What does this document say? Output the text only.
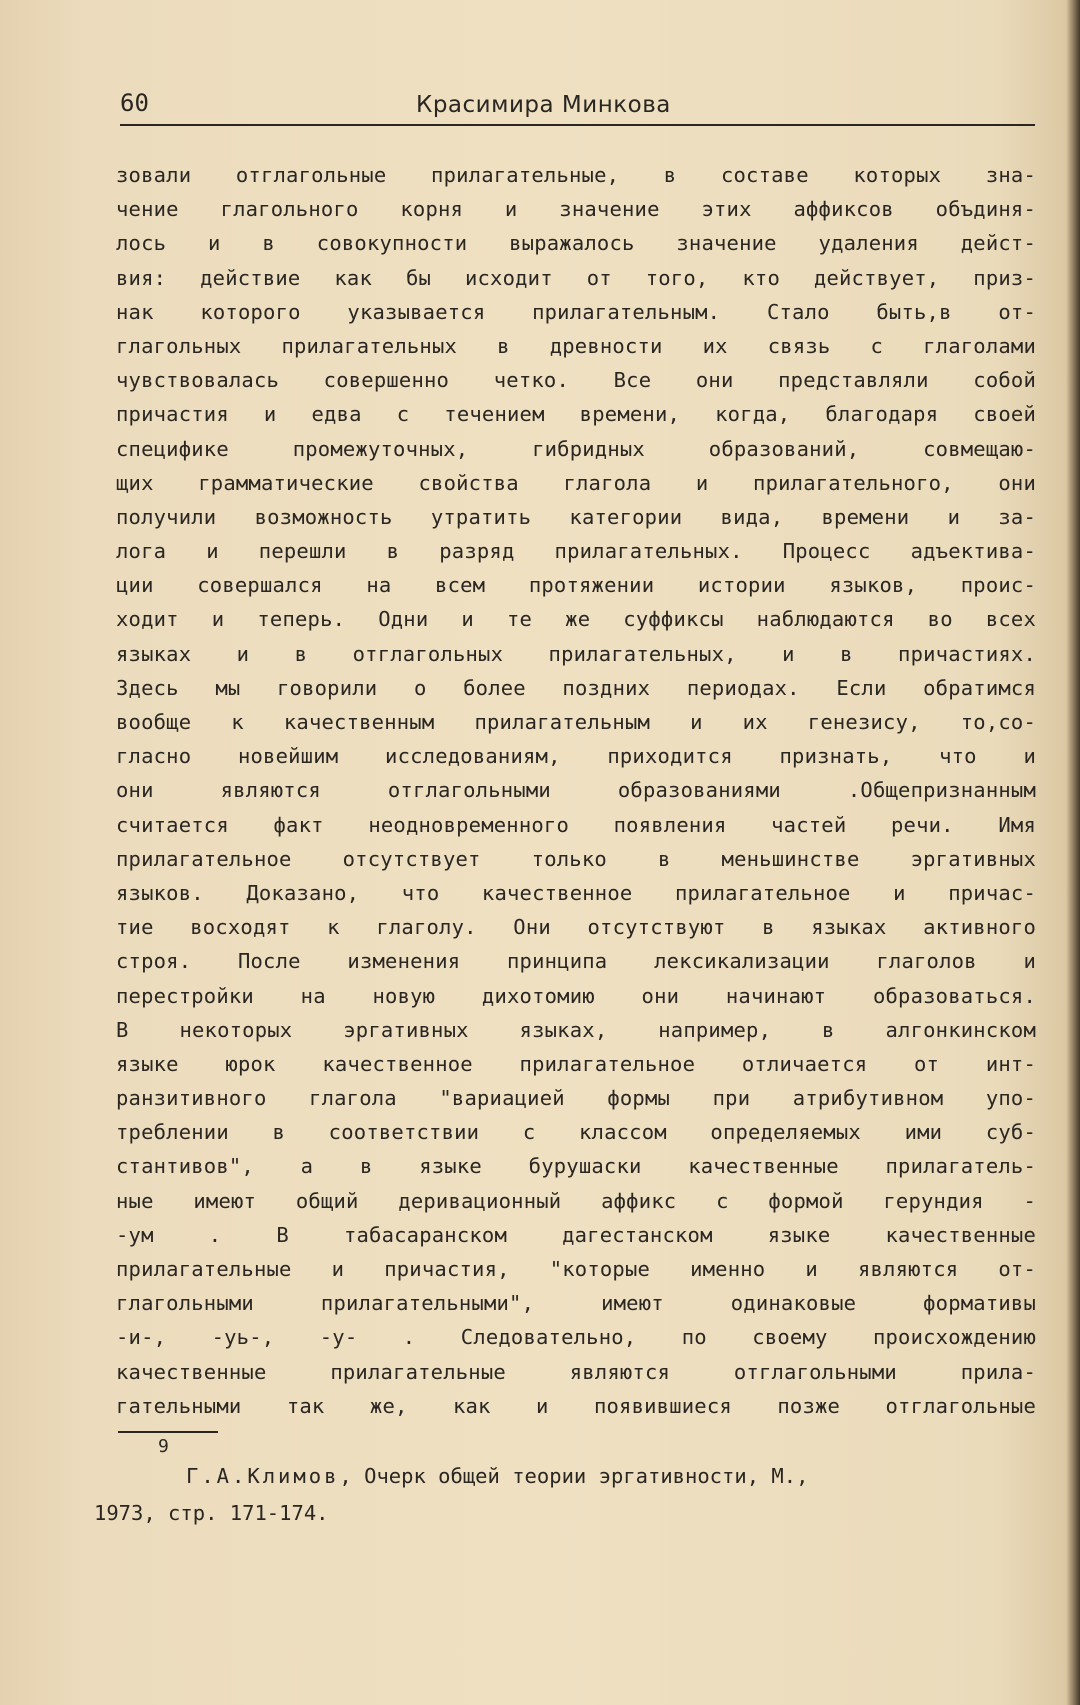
60	Красимира Минкова
зовали отглагольные прилагательные, в составе которых зна-
чение глагольного корня и значение этих аффиксов объдиня-
лось и в совокупности выражалось значение удаления дейст-
вия: действие как бы исходит от того, кто действует, приз-
нак которого указывается прилагательным. Стало быть,в от-
глагольных прилагательных в древности их связь с глаголами
чувствовалась совершенно четко. Все они представляли собой
причастия и едва с течением времени, когда, благодаря своей
специфике промежуточных, гибридных образований, совмещаю-
щих грамматические свойства глагола и прилагательного, они
получили возможность утратить категории вида, времени и за-
лога и перешли в разряд прилагательных. Процесс адъектива-
ции совершался на всем протяжении истории языков, проис-
ходит и теперь. Одни и те же суффиксы наблюдаются во всех
языках и в отглагольных прилагательных, и в причастиях.
Здесь мы говорили о более поздних периодах. Если обратимся
вообще к качественным прилагательным и их генезису, то,со-
гласно новейшим исследованиям, приходится признать, что и
они являются отглагольными образованиями .Общепризнанным
считается факт неодновременного появления частей речи. Имя
прилагательное отсутствует только в меньшинстве эргативных
языков. Доказано, что качественное прилагательное и причас-
тие восходят к глаголу. Они отсутствуют в языках активного
строя. После изменения принципа лексикализации глаголов и
перестройки на новую дихотомию они начинают образоваться.
В некоторых эргативных языках, например, в алгонкинском
языке юрок качественное прилагательное отличается от инт-
ранзитивного глагола "вариацией формы при атрибутивном упо-
треблении в соответствии с классом определяемых ими суб-
стантивов", а в языке бурушаски качественные прилагатель-
ные имеют общий деривационный аффикс с формой герундия -
-ум . В табасаранском дагестанском языке качественные
прилагательные и причастия, "которые именно и являются от-
глагольными прилагательными", имеют одинаковые формативы
-и-, -уь-, -у- . Следовательно, по своему происхождению
качественные прилагательные являются отглагольными прила-
гательными так же, как и появившиеся позже отглагольные
9
Г.А.Климов, Очерк общей теории эргативности, М.,
1973, стр. 171-174.
